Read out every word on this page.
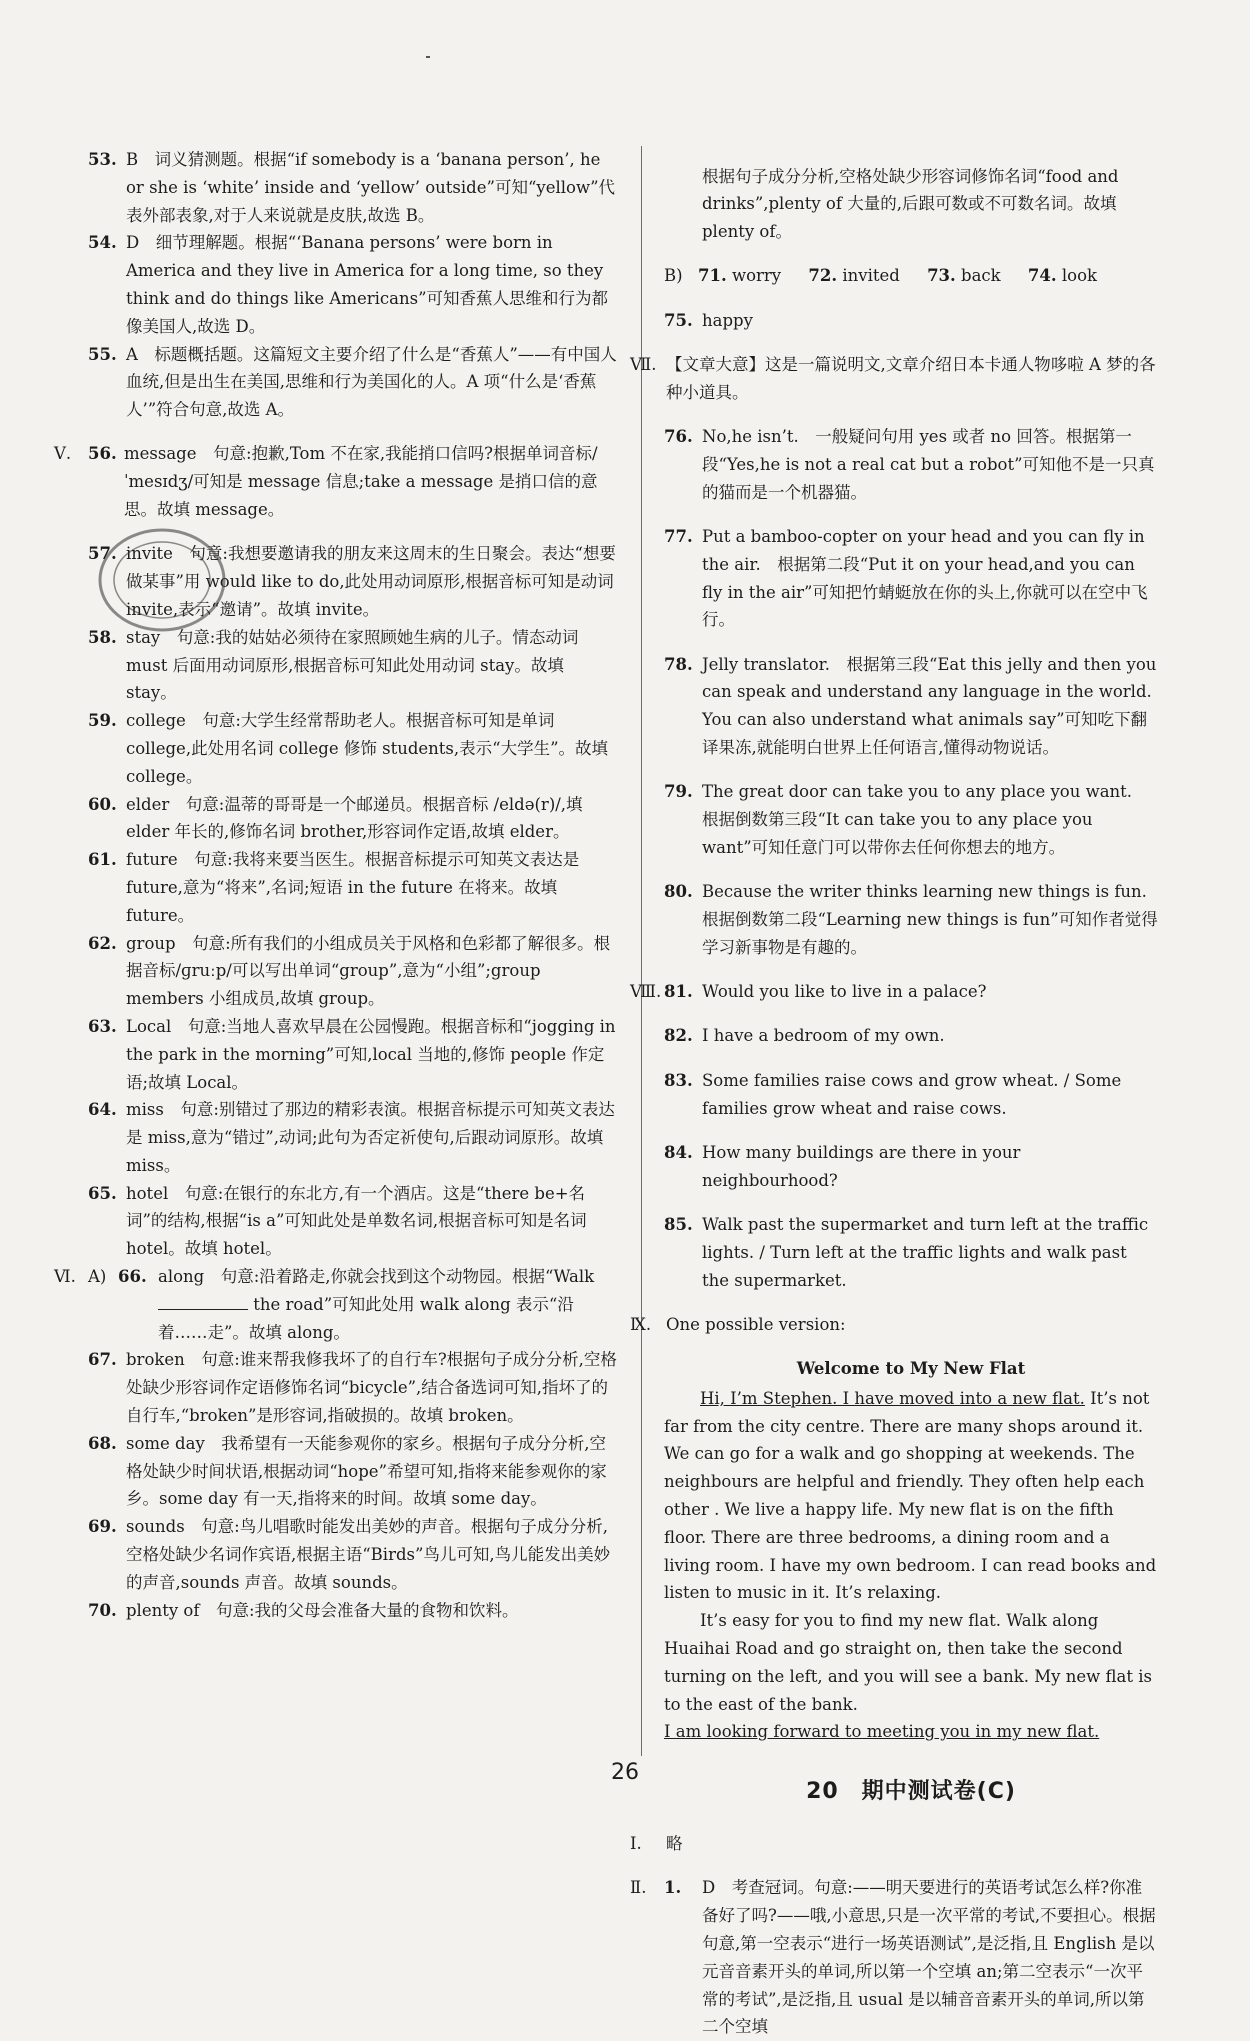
53. B　词义猜测题。根据“if somebody is a ‘banana person’, he or she is ‘white’ inside and ‘yellow’ outside”可知“yellow”代表外部表象,对于人来说就是皮肤,故选 B。

54. D　细节理解题。根据“‘Banana persons’ were born in America and they live in America for a long time, so they think and do things like Americans”可知香蕉人思维和行为都像美国人,故选 D。

55. A　标题概括题。这篇短文主要介绍了什么是“香蕉人”——有中国人血统,但是出生在美国,思维和行为美国化的人。A 项“什么是‘香蕉人’”符合句意,故选 A。

Ⅴ. 56. message　句意:抱歉,Tom 不在家,我能捎口信吗?根据单词音标/ˈmesɪdʒ/可知是 message 信息;take a message 是捎口信的意思。故填 message。

57. invite　句意:我想要邀请我的朋友来这周末的生日聚会。表达“想要做某事”用 would like to do,此处用动词原形,根据音标可知是动词 invite,表示“邀请”。故填 invite。

58. stay　句意:我的姑姑必须待在家照顾她生病的儿子。情态动词 must 后面用动词原形,根据音标可知此处用动词 stay。故填 stay。

59. college　句意:大学生经常帮助老人。根据音标可知是单词 college,此处用名词 college 修饰 students,表示“大学生”。故填 college。

60. elder　句意:温蒂的哥哥是一个邮递员。根据音标 /eldə(r)/,填 elder 年长的,修饰名词 brother,形容词作定语,故填 elder。

61. future　句意:我将来要当医生。根据音标提示可知英文表达是 future,意为“将来”,名词;短语 in the future 在将来。故填 future。

62. group　句意:所有我们的小组成员关于风格和色彩都了解很多。根据音标/ɡruːp/可以写出单词“group”,意为“小组”;group members 小组成员,故填 group。

63. Local　句意:当地人喜欢早晨在公园慢跑。根据音标和“jogging in the park in the morning”可知,local 当地的,修饰 people 作定语;故填 Local。

64. miss　句意:别错过了那边的精彩表演。根据音标提示可知英文表达是 miss,意为“错过”,动词;此句为否定祈使句,后跟动词原形。故填 miss。

65. hotel　句意:在银行的东北方,有一个酒店。这是“there be+名词”的结构,根据“is a”可知此处是单数名词,根据音标可知是名词 hotel。故填 hotel。

Ⅵ. A) 66. along　句意:沿着路走,你就会找到这个动物园。根据“Walk  the road”可知此处用 walk along 表示“沿着……走”。故填 along。

67. broken　句意:谁来帮我修我坏了的自行车?根据句子成分分析,空格处缺少形容词作定语修饰名词“bicycle”,结合备选词可知,指坏了的自行车,“broken”是形容词,指破损的。故填 broken。

68. some day　我希望有一天能参观你的家乡。根据句子成分分析,空格处缺少时间状语,根据动词“hope”希望可知,指将来能参观你的家乡。some day 有一天,指将来的时间。故填 some day。

69. sounds　句意:鸟儿唱歌时能发出美妙的声音。根据句子成分分析,空格处缺少名词作宾语,根据主语“Birds”鸟儿可知,鸟儿能发出美妙的声音,sounds 声音。故填 sounds。

70. plenty of　句意:我的父母会准备大量的食物和饮料。

根据句子成分分析,空格处缺少形容词修饰名词“food and drinks”,plenty of 大量的,后跟可数或不可数名词。故填 plenty of。

B) 71. worry 72. invited 73. back 74. look

75. happy

Ⅶ. 【文章大意】这是一篇说明文,文章介绍日本卡通人物哆啦 A 梦的各种小道具。

76. No,he isn’t.　一般疑问句用 yes 或者 no 回答。根据第一段“Yes,he is not a real cat but a robot”可知他不是一只真的猫而是一个机器猫。

77. Put a bamboo-copter on your head and you can fly in the air.　根据第二段“Put it on your head,and you can fly in the air”可知把竹蜻蜓放在你的头上,你就可以在空中飞行。

78. Jelly translator.　根据第三段“Eat this jelly and then you can speak and understand any language in the world. You can also understand what animals say”可知吃下翻译果冻,就能明白世界上任何语言,懂得动物说话。

79. The great door can take you to any place you want.　根据倒数第三段“It can take you to any place you want”可知任意门可以带你去任何你想去的地方。

80. Because the writer thinks learning new things is fun.　根据倒数第二段“Learning new things is fun”可知作者觉得学习新事物是有趣的。

Ⅷ. 81. Would you like to live in a palace?

82. I have a bedroom of my own.

83. Some families raise cows and grow wheat. / Some families grow wheat and raise cows.

84. How many buildings are there in your neighbourhood?

85. Walk past the supermarket and turn left at the traffic lights. / Turn left at the traffic lights and walk past the supermarket.

Ⅸ. One possible version:

Welcome to My New Flat

Hi, I’m Stephen. I have moved into a new flat. It’s not far from the city centre. There are many shops around it. We can go for a walk and go shopping at weekends. The neighbours are helpful and friendly. They often help each other . We live a happy life. My new flat is on the fifth floor. There are three bedrooms, a dining room and a living room. I have my own bedroom. I can read books and listen to music in it. It’s relaxing.

It’s easy for you to find my new flat. Walk along Huaihai Road and go straight on, then take the second turning on the left, and you will see a bank. My new flat is to the east of the bank.

I am looking forward to meeting you in my new flat.

20　期中测试卷(C)

Ⅰ. 略

Ⅱ. 1. D　考查冠词。句意:——明天要进行的英语考试怎么样?你准备好了吗?——哦,小意思,只是一次平常的考试,不要担心。根据句意,第一空表示“进行一场英语测试”,是泛指,且 English 是以元音音素开头的单词,所以第一个空填 an;第二空表示“一次平常的考试”,是泛指,且 usual 是以辅音音素开头的单词,所以第二个空填

26
